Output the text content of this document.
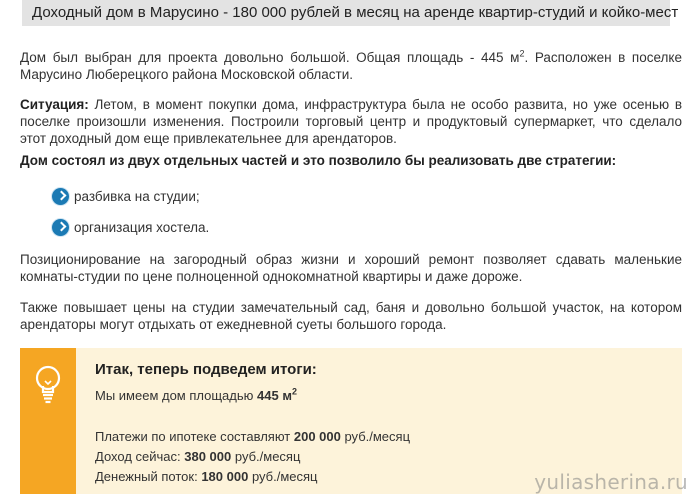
Доходный дом в Марусино - 180 000 рублей в месяц на аренде квартир-студий и койко-мест

Дом был выбран для проекта довольно большой. Общая площадь - 445 $м^2$. Расположен в поселке Марусино Люберецкого района Московской области.

Ситуация: Летом, в момент покупки дома, инфраструктура была не особо развита, но уже осенью в поселке произошли изменения. Построили торговый центр и продуктовый супермаркет, что сделало этот доходный дом еще привлекательнее для арендаторов.

Дом состоял из двух отдельных частей и это позволило бы реализовать две стратегии:

разбивка на студии;
организация хостела.

Позиционирование на загородный образ жизни и хороший ремонт позволяет сдавать маленькие комнаты-студии по цене полноценной однокомнатной квартиры и даже дороже.

Также повышает цены на студии замечательный сад, баня и довольно большой участок, на котором арендаторы могут отдыхать от ежедневной суеты большого города.

Итак, теперь подведем итоги:
Мы имеем дом площадью 445 $м^2$
Платежи по ипотеке составляют 200 000 руб./месяц
Доход сейчас: 380 000 руб./месяц
Денежный поток: 180 000 руб./месяц	yuliasherina.ru
